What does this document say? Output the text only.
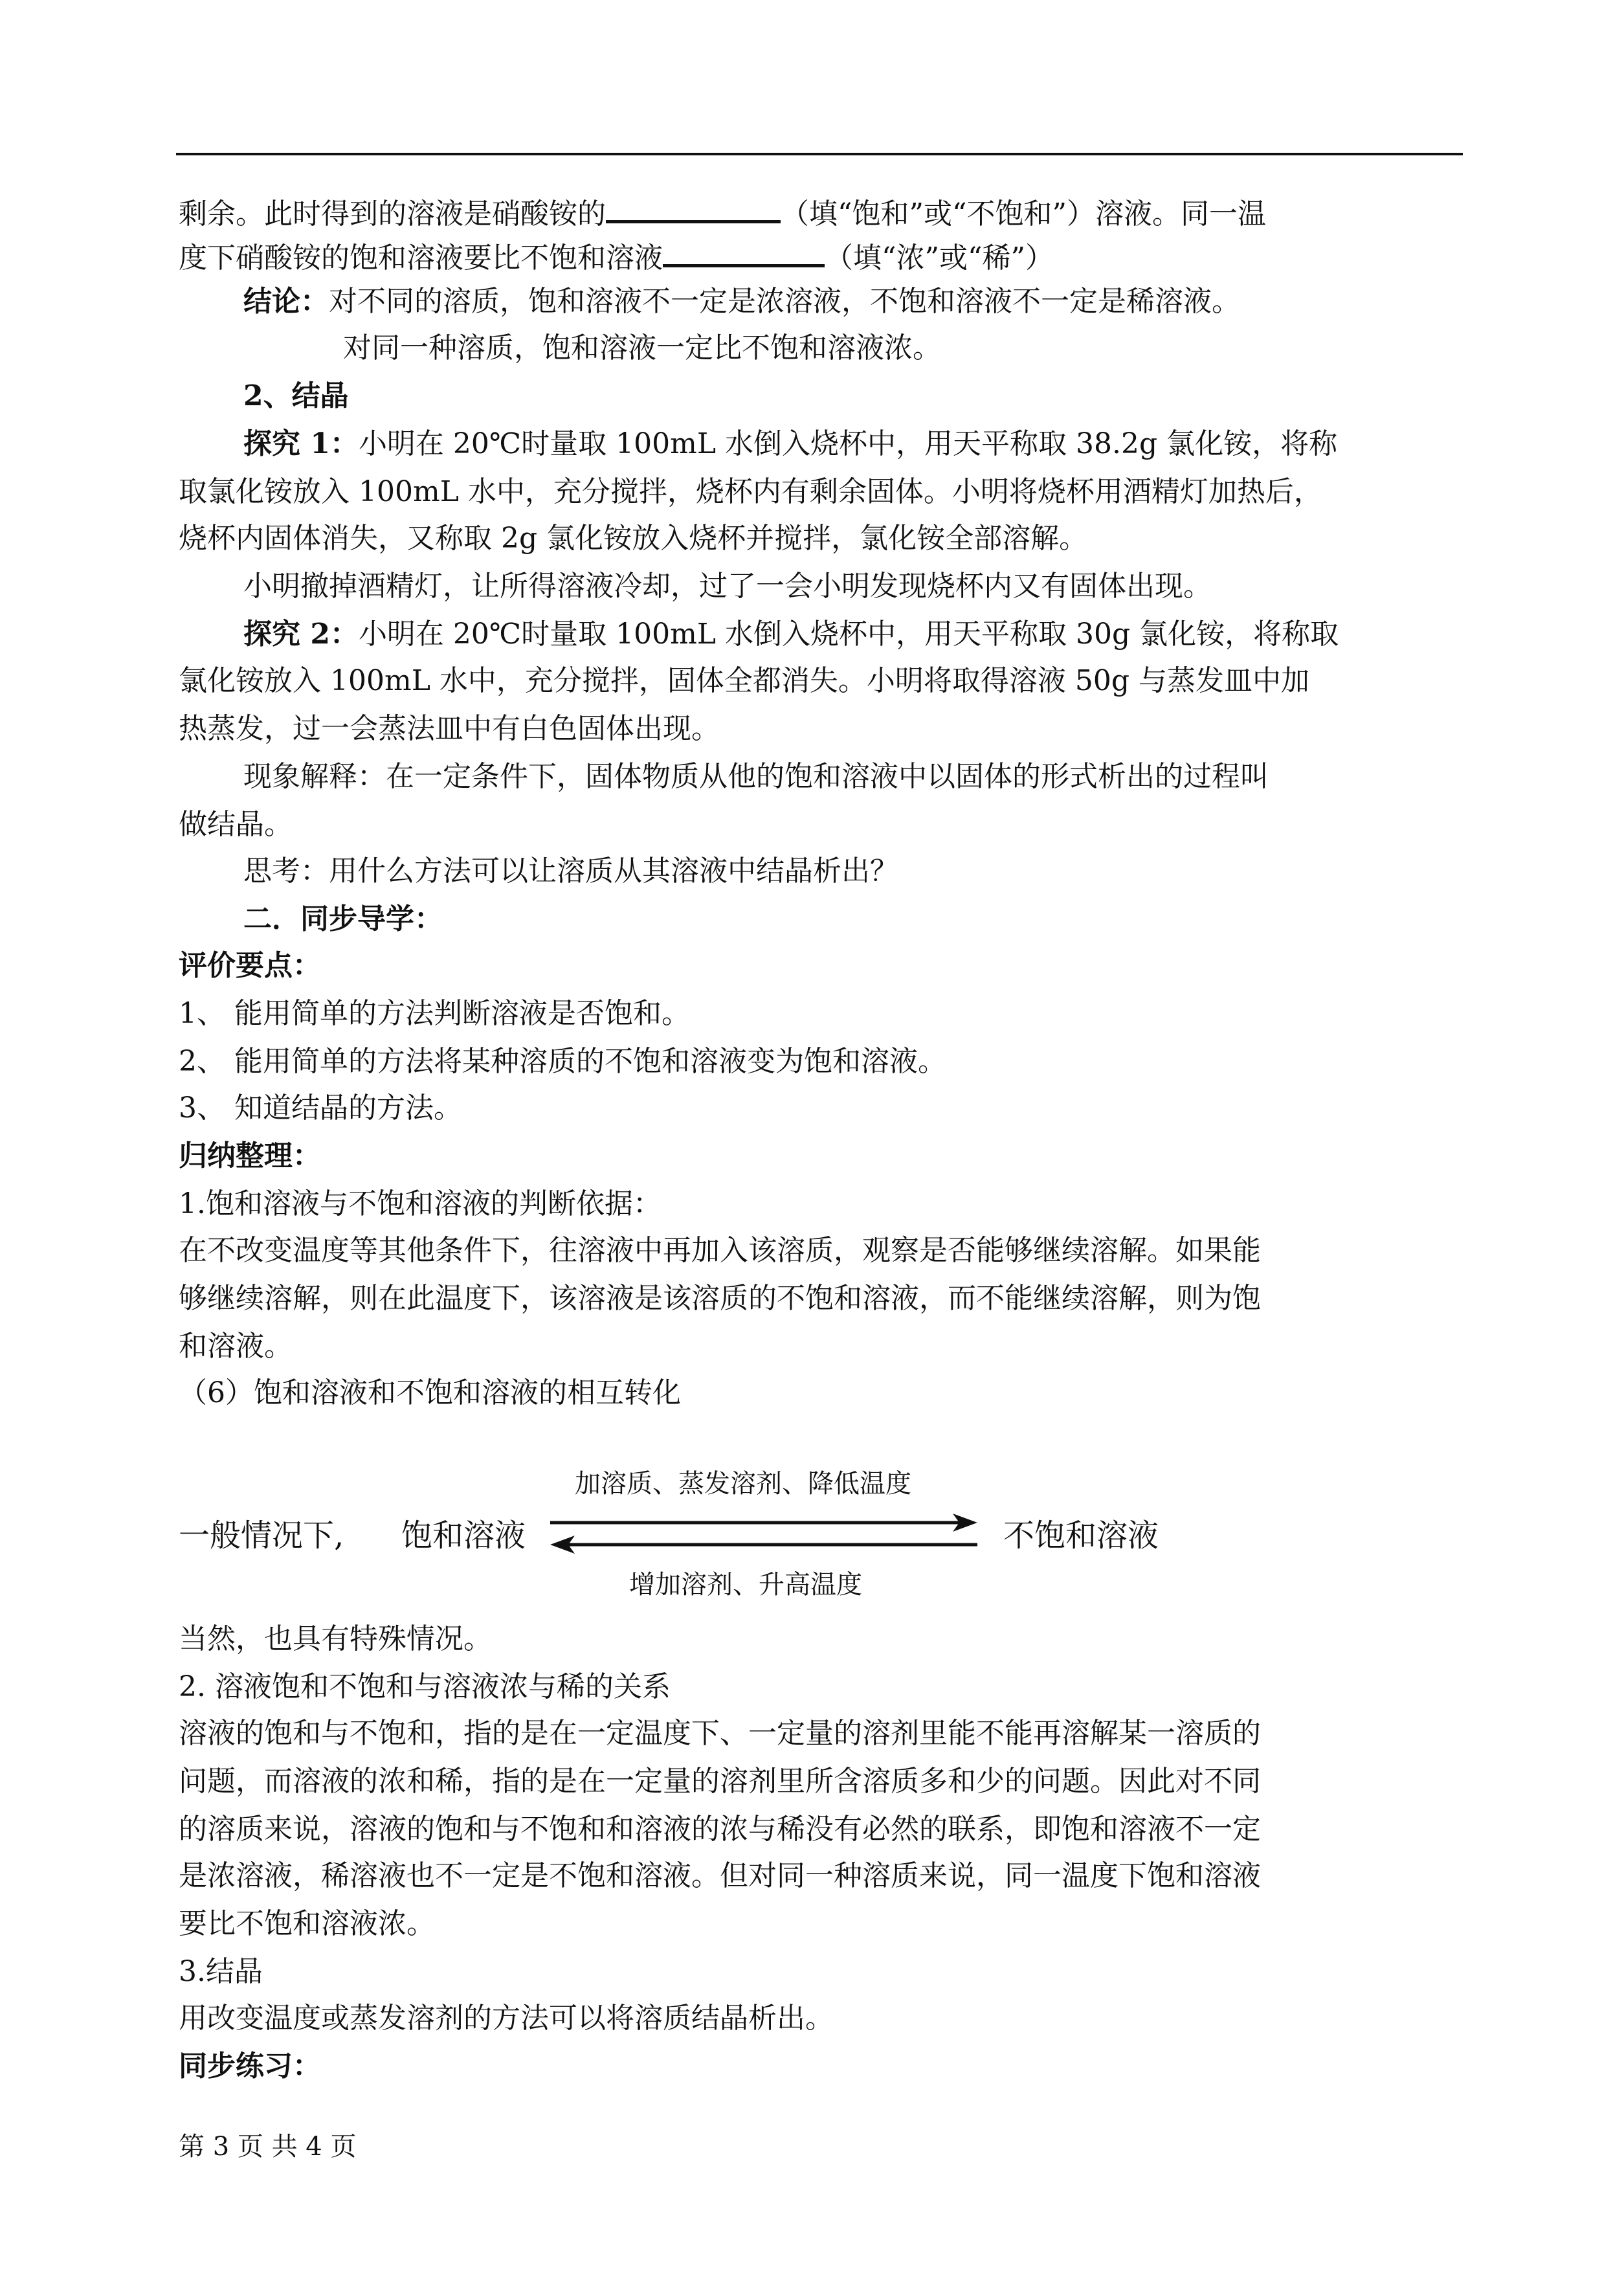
剩余。此时得到的溶液是硝酸铵的	（填“饱和”或“不饱和”）溶液。同一温
度下硝酸铵的饱和溶液要比不饱和溶液	（填“浓”或“稀”）
结论：对不同的溶质，饱和溶液不一定是浓溶液，不饱和溶液不一定是稀溶液。
对同一种溶质，饱和溶液一定比不饱和溶液浓。
2、结晶
探究 1：小明在 20℃时量取 100mL 水倒入烧杯中，用天平称取 38.2g 氯化铵，将称
取氯化铵放入 100mL 水中，充分搅拌，烧杯内有剩余固体。小明将烧杯用酒精灯加热后，
烧杯内固体消失，又称取 2g 氯化铵放入烧杯并搅拌，氯化铵全部溶解。
小明撤掉酒精灯，让所得溶液冷却，过了一会小明发现烧杯内又有固体出现。
探究 2：小明在 20℃时量取 100mL 水倒入烧杯中，用天平称取 30g 氯化铵，将称取
氯化铵放入 100mL 水中，充分搅拌，固体全都消失。小明将取得溶液 50g 与蒸发皿中加
热蒸发，过一会蒸法皿中有白色固体出现。
现象解释：在一定条件下，固体物质从他的饱和溶液中以固体的形式析出的过程叫
做结晶。
思考：用什么方法可以让溶质从其溶液中结晶析出？
二．同步导学：
评价要点：
1、 能用简单的方法判断溶液是否饱和。
2、 能用简单的方法将某种溶质的不饱和溶液变为饱和溶液。
3、 知道结晶的方法。
归纳整理：
1.饱和溶液与不饱和溶液的判断依据：
在不改变温度等其他条件下，往溶液中再加入该溶质，观察是否能够继续溶解。如果能
够继续溶解，则在此温度下，该溶液是该溶质的不饱和溶液，而不能继续溶解，则为饱
和溶液。
（6）饱和溶液和不饱和溶液的相互转化
加溶质、蒸发溶剂、降低温度
一般情况下, 饱和溶液	不饱和溶液
增加溶剂、升高温度
当然，也具有特殊情况。
2. 溶液饱和不饱和与溶液浓与稀的关系
溶液的饱和与不饱和，指的是在一定温度下、一定量的溶剂里能不能再溶解某一溶质的
问题，而溶液的浓和稀，指的是在一定量的溶剂里所含溶质多和少的问题。因此对不同
的溶质来说，溶液的饱和与不饱和和溶液的浓与稀没有必然的联系，即饱和溶液不一定
是浓溶液，稀溶液也不一定是不饱和溶液。但对同一种溶质来说，同一温度下饱和溶液
要比不饱和溶液浓。
3.结晶
用改变温度或蒸发溶剂的方法可以将溶质结晶析出。
同步练习：
第 3 页 共 4 页
